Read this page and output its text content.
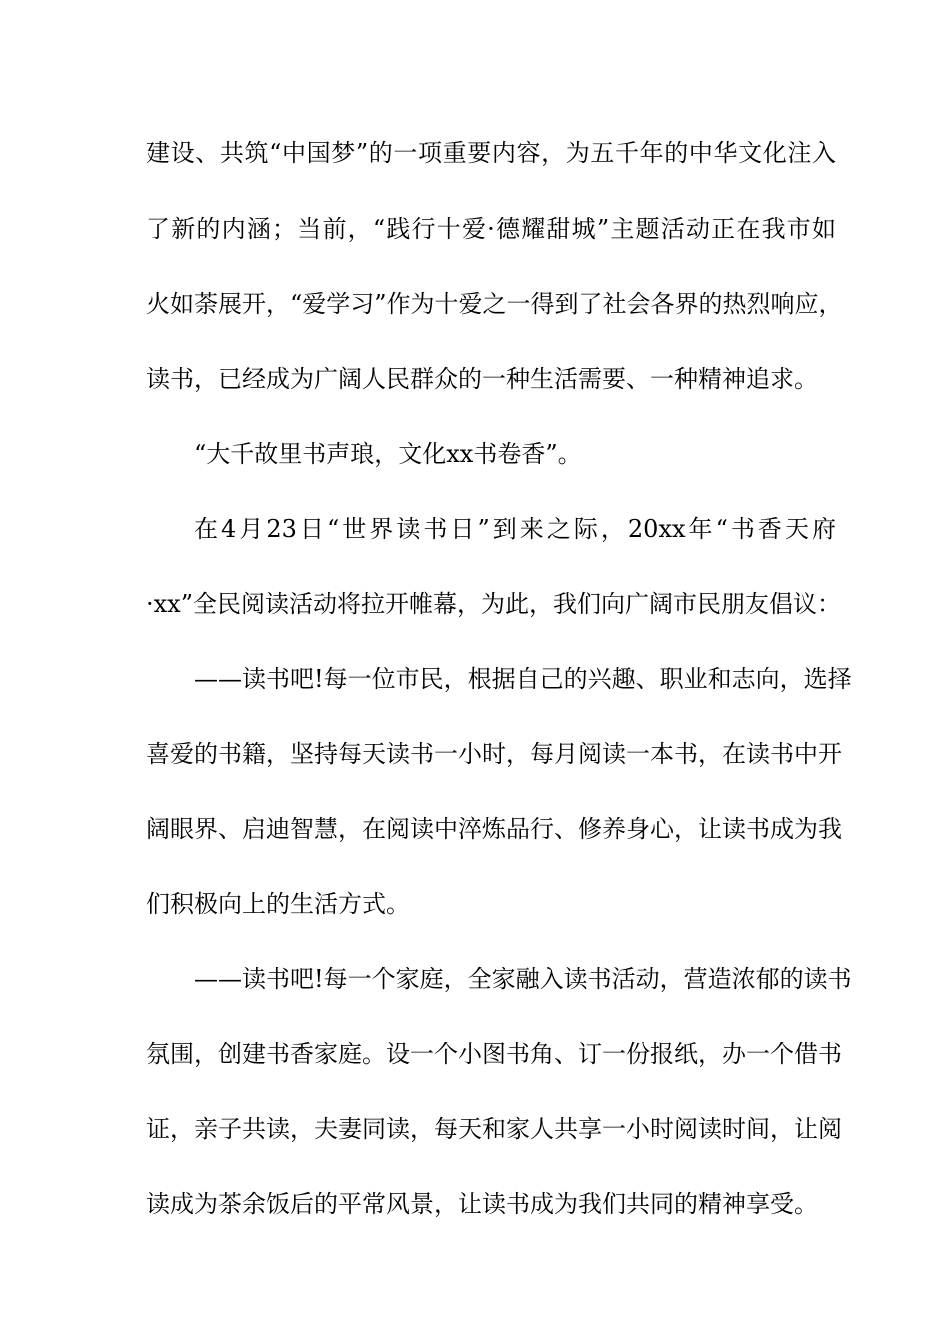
建设、共筑“中国梦”的一项重要内容，为五千年的中华文化注入
了新的内涵；当前，“践行十爱·德耀甜城”主题活动正在我市如
火如荼展开，“爱学习”作为十爱之一得到了社会各界的热烈响应，
读书，已经成为广阔人民群众的一种生活需要、一种精神追求。
“大千故里书声琅，文化xx书卷香”。
在4月23日“世界读书日”到来之际，20xx年“书香天府
·xx”全民阅读活动将拉开帷幕，为此，我们向广阔市民朋友倡议：
——读书吧!每一位市民，根据自己的兴趣、职业和志向，选择
喜爱的书籍，坚持每天读书一小时，每月阅读一本书，在读书中开
阔眼界、启迪智慧，在阅读中淬炼品行、修养身心，让读书成为我
们积极向上的生活方式。
——读书吧!每一个家庭，全家融入读书活动，营造浓郁的读书
氛围，创建书香家庭。设一个小图书角、订一份报纸，办一个借书
证，亲子共读，夫妻同读，每天和家人共享一小时阅读时间，让阅
读成为茶余饭后的平常风景，让读书成为我们共同的精神享受。
